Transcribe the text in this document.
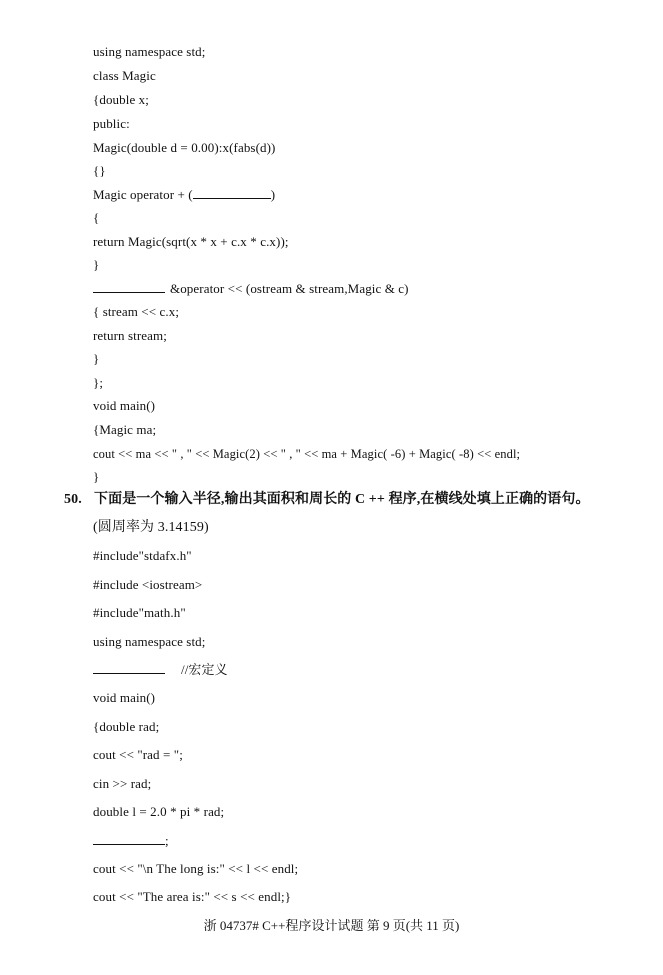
using namespace std;
class Magic
{double x;
public:
Magic(double d = 0.00):x(fabs(d))
{}
Magic operator + (	)
{
return Magic(sqrt(x * x + c.x * c.x));
}
&operator << (ostream & stream,Magic & c)
{ stream << c.x;
return stream;
}
};
void main()
{Magic ma;
cout << ma << " , " << Magic(2) << " , " << ma + Magic( -6) + Magic( -8) << endl;
}
50. 下面是一个输入半径,输出其面积和周长的 C ++ 程序,在横线处填上正确的语句。
(圆周率为 3.14159)
#include"stdafx.h"
#include <iostream>
#include"math.h"
using namespace std;
//宏定义
void main()
{double rad;
cout << "rad = ";
cin >> rad;
double l = 2.0 * pi * rad;
;
cout << "\n The long is:" << l << endl;
cout << "The area is:" << s << endl;}
浙 04737# C++程序设计试题 第 9 页(共 11 页)
